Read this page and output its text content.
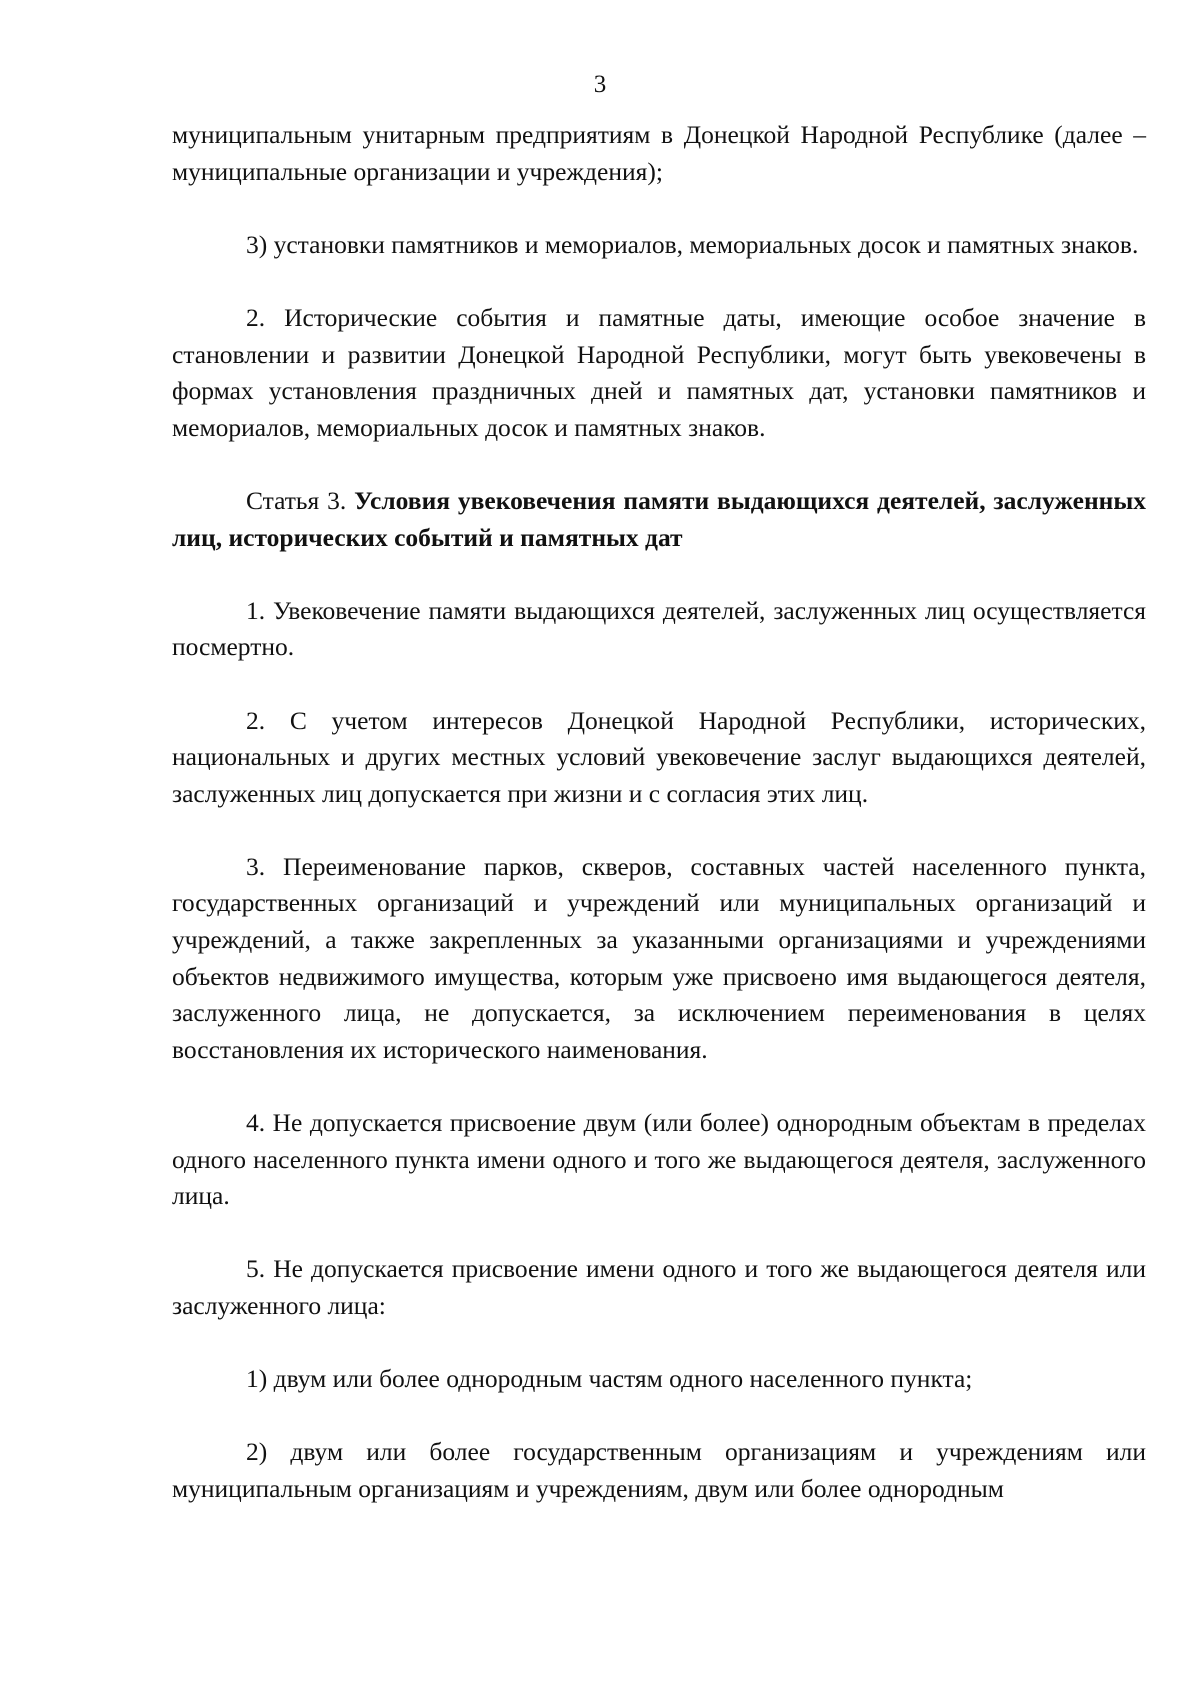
3

муниципальным унитарным предприятиям в Донецкой Народной Республике (далее – муниципальные организации и учреждения);

3) установки памятников и мемориалов, мемориальных досок и памятных знаков.

2. Исторические события и памятные даты, имеющие особое значение в становлении и развитии Донецкой Народной Республики, могут быть увековечены в формах установления праздничных дней и памятных дат, установки памятников и мемориалов, мемориальных досок и памятных знаков.

Статья 3. Условия увековечения памяти выдающихся деятелей, заслуженных лиц, исторических событий и памятных дат

1. Увековечение памяти выдающихся деятелей, заслуженных лиц осуществляется посмертно.

2. С учетом интересов Донецкой Народной Республики, исторических, национальных и других местных условий увековечение заслуг выдающихся деятелей, заслуженных лиц допускается при жизни и с согласия этих лиц.

3. Переименование парков, скверов, составных частей населенного пункта, государственных организаций и учреждений или муниципальных организаций и учреждений, а также закрепленных за указанными организациями и учреждениями объектов недвижимого имущества, которым уже присвоено имя выдающегося деятеля, заслуженного лица, не допускается, за исключением переименования в целях восстановления их исторического наименования.

4. Не допускается присвоение двум (или более) однородным объектам в пределах одного населенного пункта имени одного и того же выдающегося деятеля, заслуженного лица.

5. Не допускается присвоение имени одного и того же выдающегося деятеля или заслуженного лица:

1) двум или более однородным частям одного населенного пункта;

2) двум или более государственным организациям и учреждениям или муниципальным организациям и учреждениям, двум или более однородным
